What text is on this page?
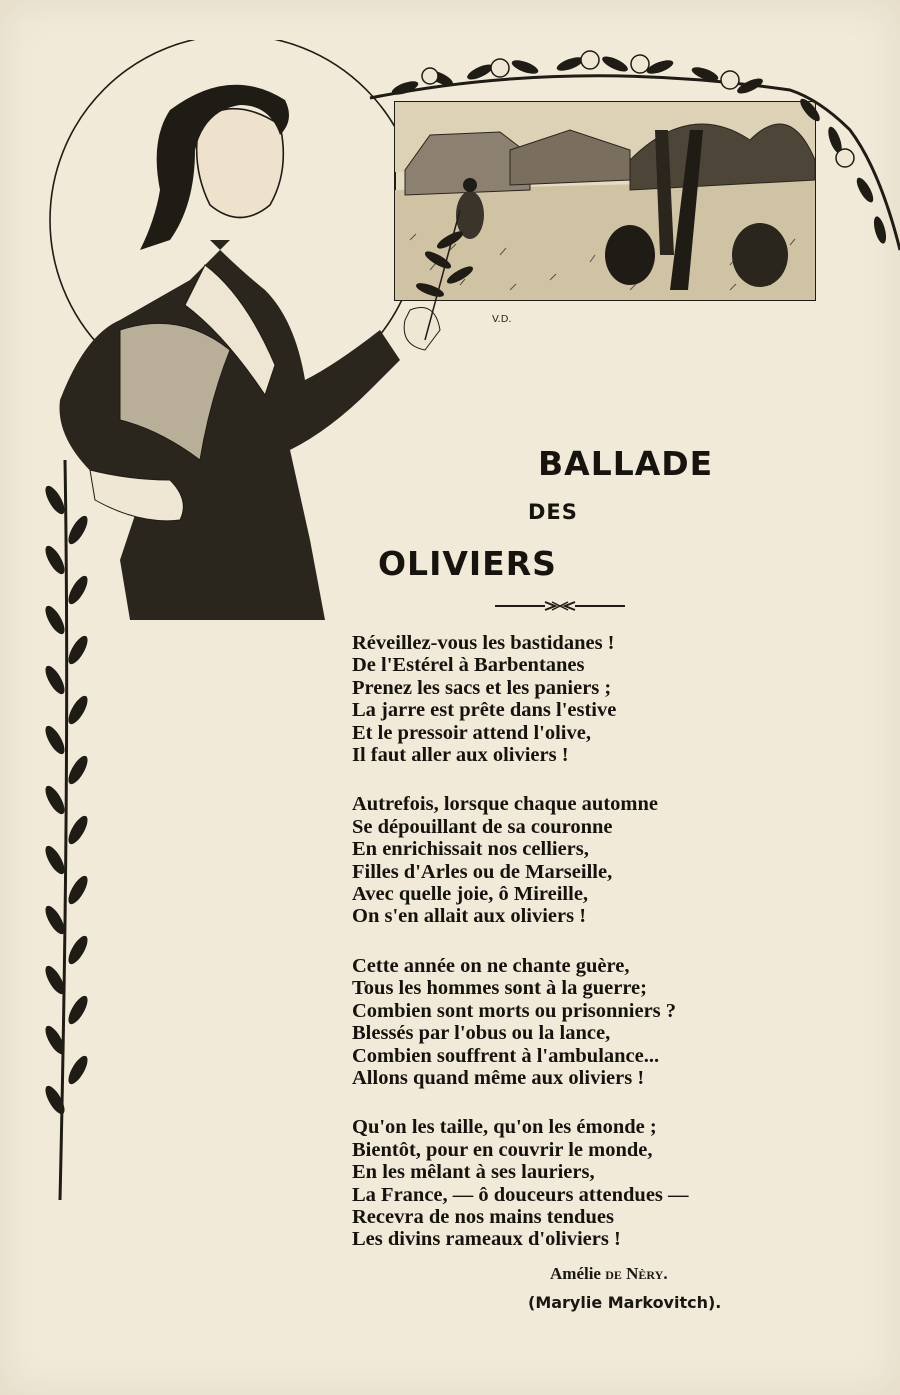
V.D.
BALLADE
DES
OLIVIERS
Réveillez-vous les bastidanes !
De l'Estérel à Barbentanes
Prenez les sacs et les paniers ;
La jarre est prête dans l'estive
Et le pressoir attend l'olive,
Il faut aller aux oliviers !
Autrefois, lorsque chaque automne
Se dépouillant de sa couronne
En enrichissait nos celliers,
Filles d'Arles ou de Marseille,
Avec quelle joie, ô Mireille,
On s'en allait aux oliviers !
Cette année on ne chante guère,
Tous les hommes sont à la guerre;
Combien sont morts ou prisonniers ?
Blessés par l'obus ou la lance,
Combien souffrent à l'ambulance...
Allons quand même aux oliviers !
Qu'on les taille, qu'on les émonde ;
Bientôt, pour en couvrir le monde,
En les mêlant à ses lauriers,
La France, — ô douceurs attendues —
Recevra de nos mains tendues
Les divins rameaux d'oliviers !
Amélie de Nèry.
(Marylie Markovitch).
